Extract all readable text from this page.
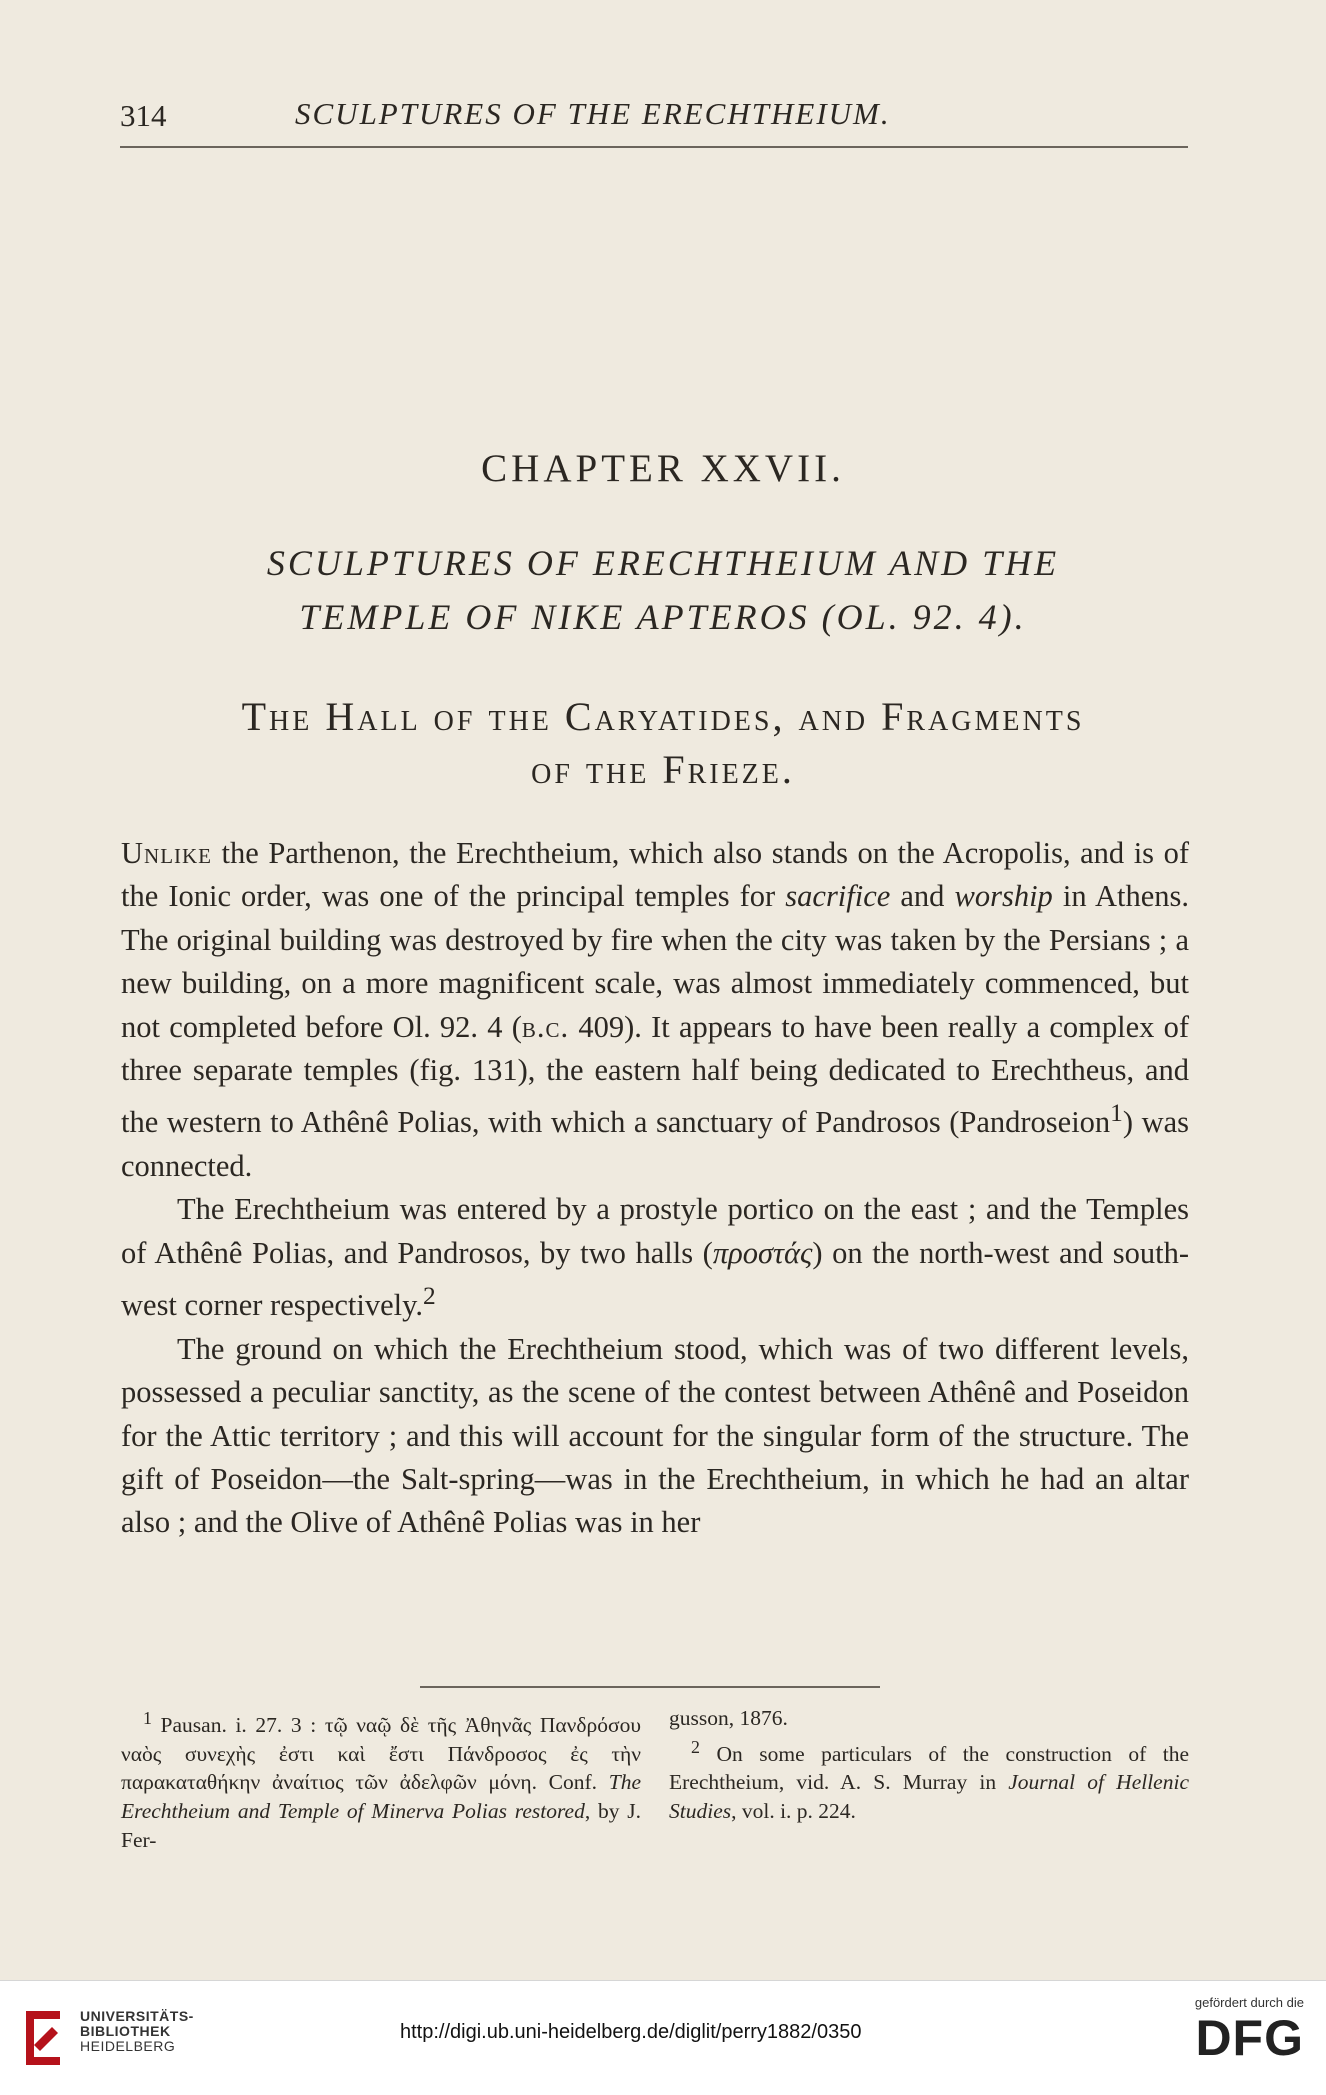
314	SCULPTURES OF THE ERECHTHEIUM.
CHAPTER XXVII.
SCULPTURES OF ERECHTHEIUM AND THE
TEMPLE OF NIKE APTEROS (OL. 92. 4).
The Hall of the Caryatides, and Fragments
of the Frieze.

Unlike the Parthenon, the Erechtheium, which also stands on the Acropolis, and is of the Ionic order, was one of the principal temples for sacrifice and worship in Athens. The original building was destroyed by fire when the city was taken by the Persians ; a new building, on a more magnificent scale, was almost immediately commenced, but not completed before Ol. 92. 4 (b.c. 409). It appears to have been really a complex of three separate temples (fig. 131), the eastern half being dedicated to Erechtheus, and the western to Athênê Polias, with which a sanctuary of Pandrosos (Pandroseion$^1$) was connected.

The Erechtheium was entered by a prostyle portico on the east ; and the Temples of Athênê Polias, and Pandrosos, by two halls (προστάς) on the north-west and south-west corner respectively.$^2$

The ground on which the Erechtheium stood, which was of two different levels, possessed a peculiar sanctity, as the scene of the contest between Athênê and Poseidon for the Attic territory ; and this will account for the singular form of the structure. The gift of Poseidon—the Salt-spring—was in the Erechtheium, in which he had an altar also ; and the Olive of Athênê Polias was in her

$^1$ Pausan. i. 27. 3 : τῷ ναῷ δὲ τῆς Ἀθηνᾶς Πανδρόσου ναὸς συνεχὴς ἐστι καὶ ἔστι Πάνδροσος ἐς τὴν παρακαταθήκην ἀναίτιος τῶν ἀδελφῶν μόνη. Conf. The Erechtheium and Temple of Minerva Polias restored, by J. Fer-

gusson, 1876.

$^2$ On some particulars of the construction of the Erechtheium, vid. A. S. Murray in Journal of Hellenic Studies, vol. i. p. 224.

UNIVERSITÄTS-
BIBLIOTHEK
HEIDELBERG
http://digi.ub.uni-heidelberg.de/diglit/perry1882/0350
gefördert durch die
DFG
